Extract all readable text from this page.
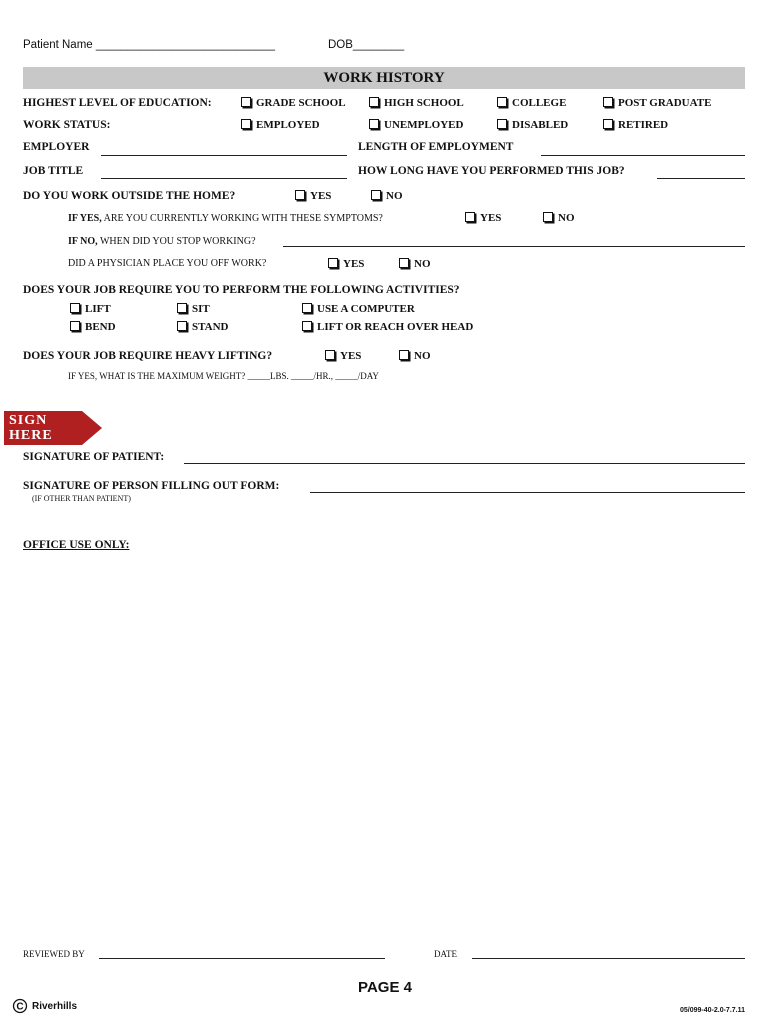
Patient Name ____________________________	DOB________
WORK HISTORY
HIGHEST LEVEL OF EDUCATION:	GRADE SCHOOL	HIGH SCHOOL	COLLEGE	POST GRADUATE
WORK STATUS:	EMPLOYED	UNEMPLOYED	DISABLED	RETIRED
EMPLOYER	LENGTH OF EMPLOYMENT
JOB TITLE	HOW LONG HAVE YOU PERFORMED THIS JOB?
DO YOU WORK OUTSIDE THE HOME?	YES	NO
IF YES, ARE YOU CURRENTLY WORKING WITH THESE SYMPTOMS?	YES	NO
IF NO, WHEN DID YOU STOP WORKING?
DID A PHYSICIAN PLACE YOU OFF WORK?	YES	NO
DOES YOUR JOB REQUIRE YOU TO PERFORM THE FOLLOWING ACTIVITIES?
LIFT	SIT	USE A COMPUTER
BEND	STAND	LIFT OR REACH OVER HEAD
DOES YOUR JOB REQUIRE HEAVY LIFTING?	YES	NO
IF YES, WHAT IS THE MAXIMUM WEIGHT? _____LBS. _____/HR., _____/DAY
SIGN
HERE
SIGNATURE OF PATIENT:
SIGNATURE OF PERSON FILLING OUT FORM:
(IF OTHER THAN PATIENT)
OFFICE USE ONLY:
REVIEWED BY	DATE
PAGE 4
C Riverhills	05/099-40-2.0-7.7.11
